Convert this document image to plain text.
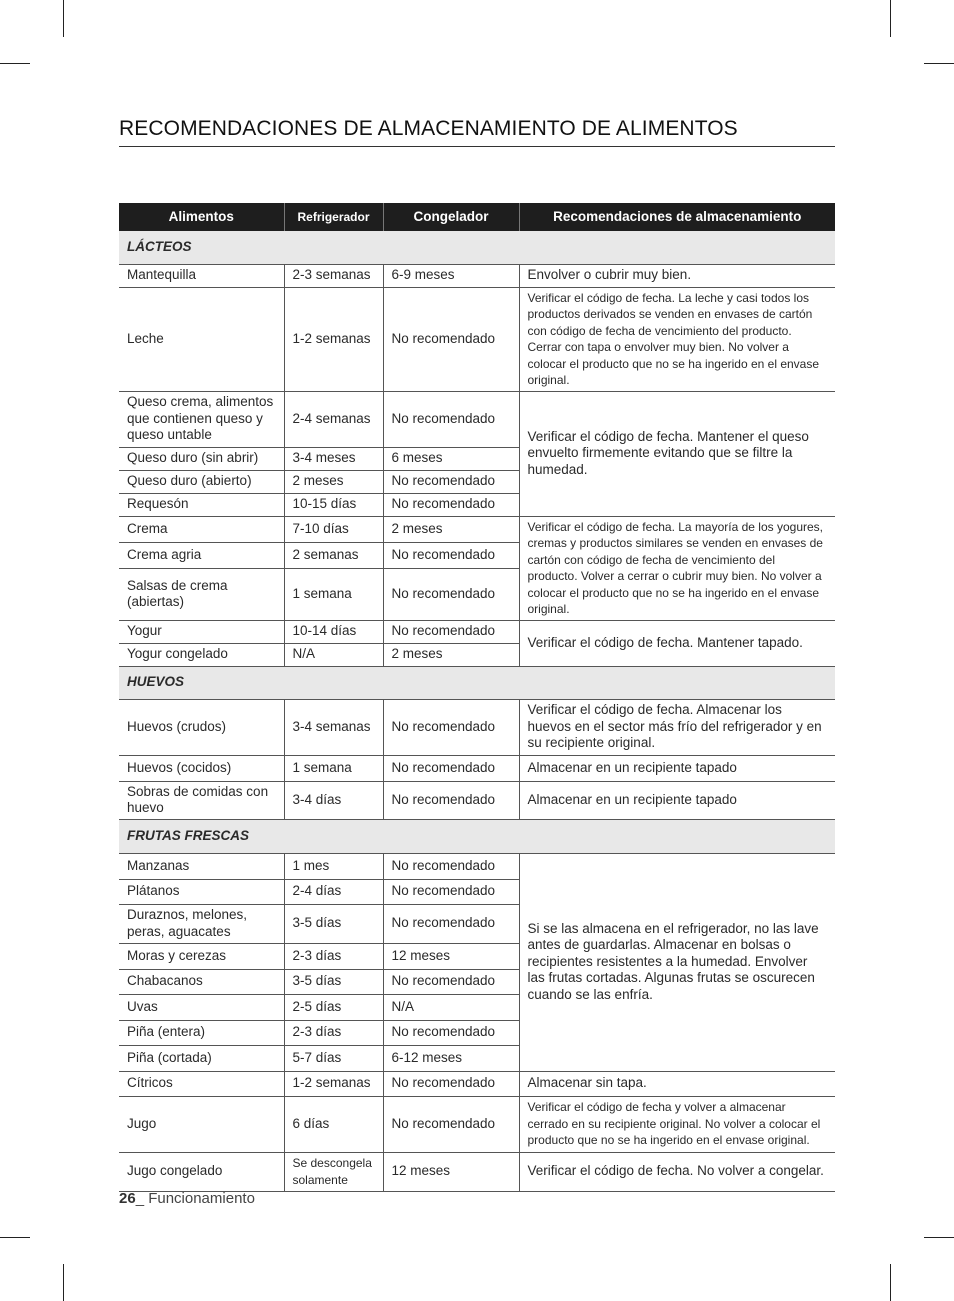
RECOMENDACIONES DE ALMACENAMIENTO DE ALIMENTOS
Alimentos	Refrigerador	Congelador	Recomendaciones de almacenamiento
LÁCTEOS			
Mantequilla	2-3 semanas	6-9 meses	Envolver o cubrir muy bien.
Leche	1-2 semanas	No recomendado	Verificar el código de fecha. La leche y casi todos los productos derivados se venden en envases de cartón con código de fecha de vencimiento del producto. Cerrar con tapa o envolver muy bien. No volver a colocar el producto que no se ha ingerido en el envase original.
Queso crema, alimentos que contienen queso y queso untable	2-4 semanas	No recomendado	Verificar el código de fecha. Mantener el queso envuelto firmemente evitando que se filtre la humedad.
Queso duro (sin abrir)	3-4 meses	6 meses	
Queso duro (abierto)	2 meses	No recomendado	
Requesón	10-15 días	No recomendado	
Crema	7-10 días	2 meses	Verificar el código de fecha. La mayoría de los yogures, cremas y productos similares se venden en envases de cartón con código de fecha de vencimiento del producto. Volver a cerrar o cubrir muy bien. No volver a colocar el producto que no se ha ingerido en el envase original.
Crema agria	2 semanas	No recomendado	
Salsas de crema (abiertas)	1 semana	No recomendado	
Yogur	10-14 días	No recomendado	Verificar el código de fecha. Mantener tapado.
Yogur congelado	N/A	2 meses	
HUEVOS			
Huevos (crudos)	3-4 semanas	No recomendado	Verificar el código de fecha. Almacenar los huevos en el sector más frío del refrigerador y en su recipiente original.
Huevos (cocidos)	1 semana	No recomendado	Almacenar en un recipiente tapado
Sobras de comidas con huevo	3-4 días	No recomendado	Almacenar en un recipiente tapado
FRUTAS FRESCAS			
Manzanas	1 mes	No recomendado	Si se las almacena en el refrigerador, no las lave antes de guardarlas. Almacenar en bolsas o recipientes resistentes a la humedad. Envolver las frutas cortadas. Algunas frutas se oscurecen cuando se las enfría.
Plátanos	2-4 días	No recomendado	
Duraznos, melones, peras, aguacates	3-5 días	No recomendado	
Moras y cerezas	2-3 días	12 meses	
Chabacanos	3-5 días	No recomendado	
Uvas	2-5 días	N/A	
Piña (entera)	2-3 días	No recomendado	
Piña (cortada)	5-7 días	6-12 meses	
Cítricos	1-2 semanas	No recomendado	Almacenar sin tapa.
Jugo	6 días	No recomendado	Verificar el código de fecha y volver a almacenar cerrado en su recipiente original. No volver a colocar el producto que no se ha ingerido en el envase original.
Jugo congelado	Se descongela solamente	12 meses	Verificar el código de fecha. No volver a congelar.
26_ Funcionamiento
